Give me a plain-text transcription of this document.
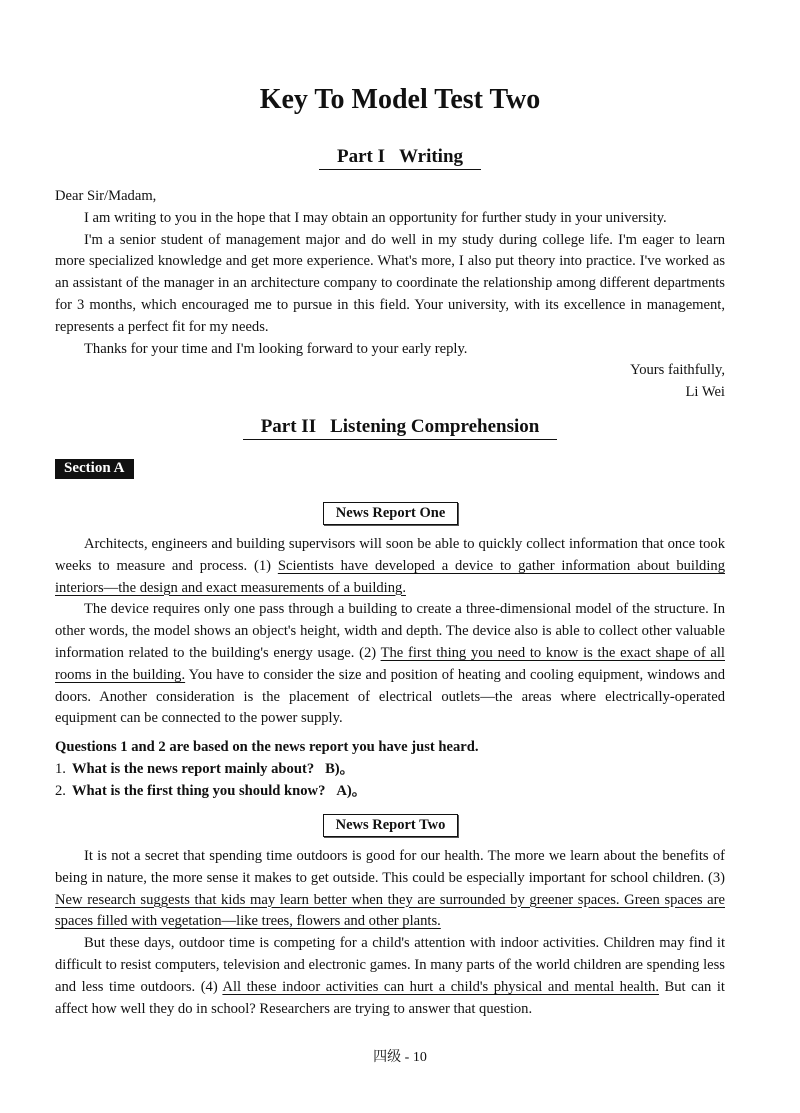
Key To Model Test Two
Part I Writing

Dear Sir/Madam,

I am writing to you in the hope that I may obtain an opportunity for further study in your university.

I'm a senior student of management major and do well in my study during college life. I'm eager to learn more specialized knowledge and get more experience. What's more, I also put theory into practice. I've worked as an assistant of the manager in an architecture company to coordinate the relationship among different departments for 3 months, which encouraged me to pursue in this field. Your university, with its excellence in management, represents a perfect fit for my needs.

Thanks for your time and I'm looking forward to your early reply.

Yours faithfully,

Li Wei

Part II Listening Comprehension
Section A
News Report One

Architects, engineers and building supervisors will soon be able to quickly collect information that once took weeks to measure and process. (1) Scientists have developed a device to gather information about building interiors—the design and exact measurements of a building.

The device requires only one pass through a building to create a three-dimensional model of the structure. In other words, the model shows an object's height, width and depth. The device also is able to collect other valuable information related to the building's energy usage. (2) The first thing you need to know is the exact shape of all rooms in the building. You have to consider the size and position of heating and cooling equipment, windows and doors. Another consideration is the placement of electrical outlets—the areas where electrically-operated equipment can be connected to the power supply.

Questions 1 and 2 are based on the news report you have just heard.
1. What is the news report mainly about? B)。
2. What is the first thing you should know? A)。
News Report Two

It is not a secret that spending time outdoors is good for our health. The more we learn about the benefits of being in nature, the more sense it makes to get outside. This could be especially important for school children. (3) New research suggests that kids may learn better when they are surrounded by greener spaces. Green spaces are spaces filled with vegetation—like trees, flowers and other plants.

But these days, outdoor time is competing for a child's attention with indoor activities. Children may find it difficult to resist computers, television and electronic games. In many parts of the world children are spending less and less time outdoors. (4) All these indoor activities can hurt a child's physical and mental health. But can it affect how well they do in school? Researchers are trying to answer that question.

四级 - 10
